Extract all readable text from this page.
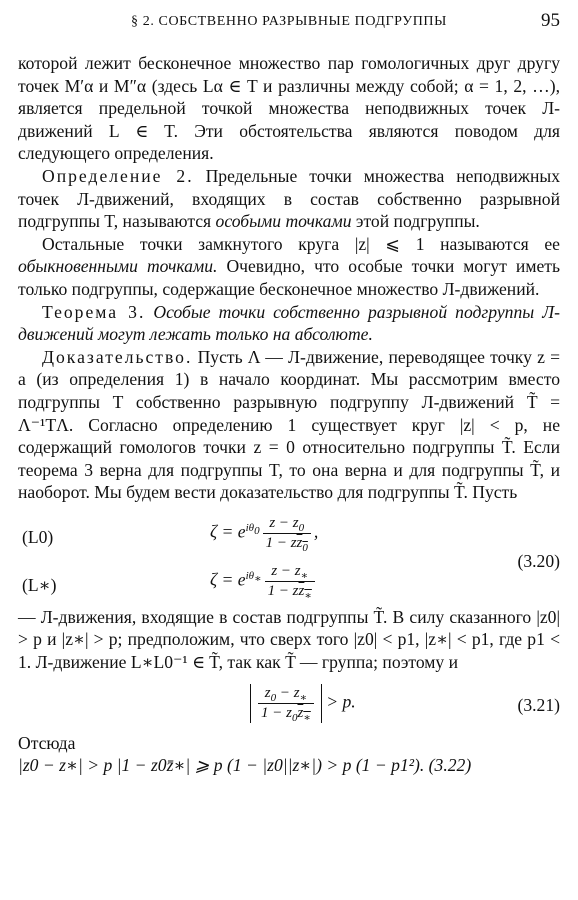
§ 2. СОБСТВЕННО РАЗРЫВНЫЕ ПОДГРУППЫ	95

которой лежит бесконечное множество пар гомологичных друг другу точек M′α и M″α (здесь Lα ∈ T и различны между собой; α = 1, 2, …), является предельной точкой множества неподвижных точек Л-движений L ∈ T. Эти обстоятельства являются поводом для следующего определения.

Определение 2. Предельные точки множества неподвижных точек Л-движений, входящих в состав собственно разрывной подгруппы T, называются особыми точками этой подгруппы.

Остальные точки замкнутого круга |z| ⩽ 1 называются ее обыкновенными точками. Очевидно, что особые точки могут иметь только подгруппы, содержащие бесконечное множество Л-движений.

Теорема 3. Особые точки собственно разрывной подгруппы Л-движений могут лежать только на абсолюте.

Доказательство. Пусть Λ — Л-движение, переводящее точку z = a (из определения 1) в начало координат. Мы рассмотрим вместо подгруппы T собственно разрывную подгруппу Л-движений T̃ = Λ⁻¹TΛ. Согласно определению 1 существует круг |z| < p, не содержащий гомологов точки z = 0 относительно подгруппы T̃. Если теорема 3 верна для подгруппы T, то она верна и для подгруппы T̃, и наоборот. Мы будем вести доказательство для подгруппы T̃. Пусть

(L0)	$\zeta = e^{i\theta_0} \frac{z - z_0}{1 - zz_0}$ ,
(3.20)
(L∗)	$\zeta = e^{i\theta_∗} \frac{z - z_∗}{1 - zz_∗}$

— Л-движения, входящие в состав подгруппы T̃. В силу сказанного |z0| > p и |z∗| > p; предположим, что сверх того |z0| < p1, |z∗| < p1, где p1 < 1. Л-движение L∗L0⁻¹ ∈ T̃, так как T̃ — группа; поэтому и

$\frac{z_0 - z_∗}{1 - z_0z_∗} > p$.	(3.21)

Отсюда

|z0 − z∗| > p |1 − z0z̄∗| ⩾ p (1 − |z0||z∗|) > p (1 − p1²). (3.22)
